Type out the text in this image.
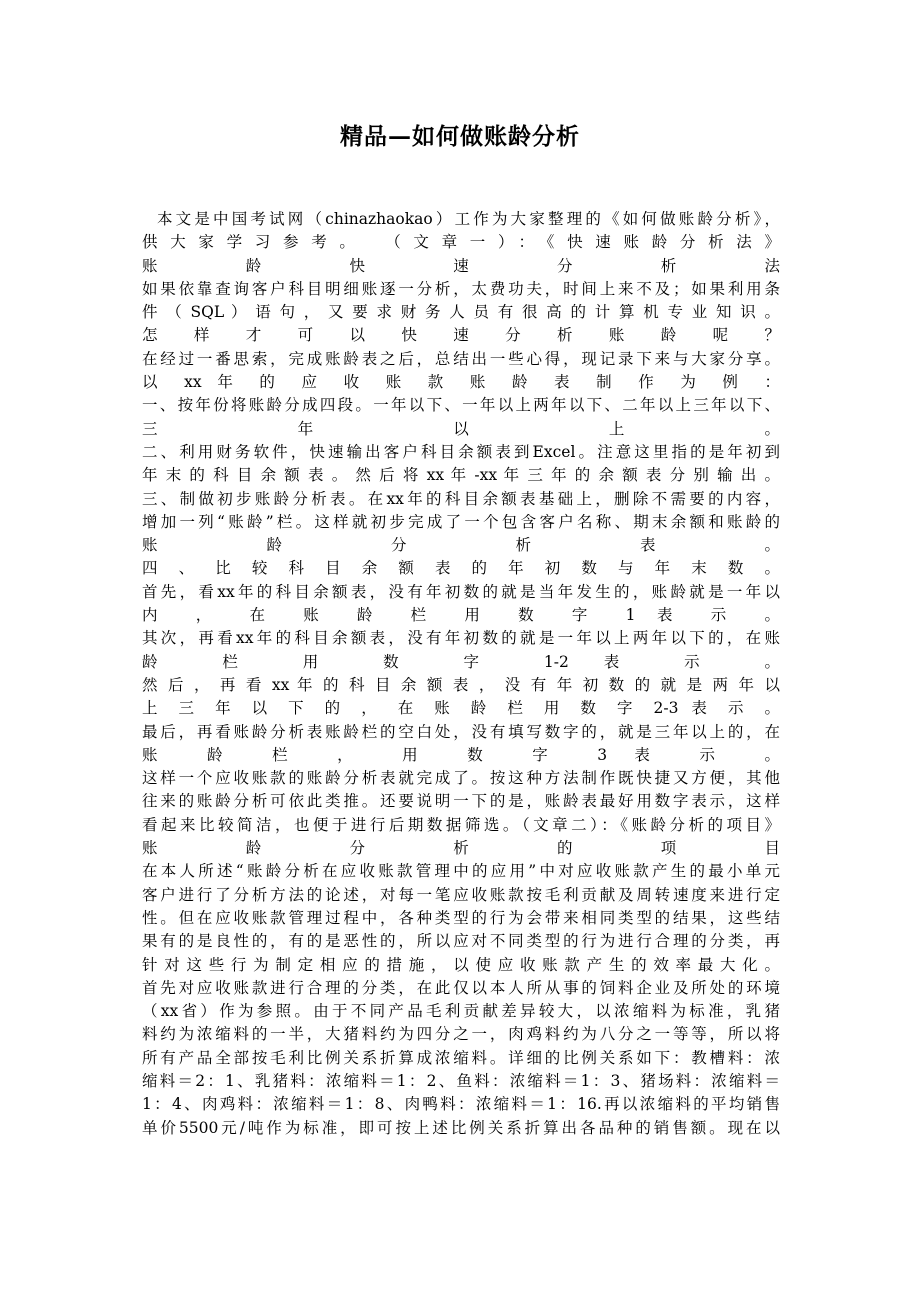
精品—如何做账龄分析
本文是中国考试网（chinazhaokao）工作为大家整理的《如何做账龄分析》，
供大家学习参考。 （文章一）：《快速账龄分析法》
账 龄 快 速 分 析 法
如果依靠查询客户科目明细账逐一分析，太费功夫，时间上来不及；如果利用条
件 （ SQL ） 语 句 ， 又 要 求 财 务 人 员 有 很 高 的 计 算 机 专 业 知 识 。
怎 样 才 可 以 快 速 分 析 账 龄 呢 ？
在经过一番思索，完成账龄表之后，总结出一些心得，现记录下来与大家分享。
以 xx 年 的 应 收 账 款 账 龄 表 制 作 为 例 ：
一、按年份将账龄分成四段。一年以下、一年以上两年以下、二年以上三年以下、
三 年 以 上 。
二、利用财务软件，快速输出客户科目余额表到Excel。注意这里指的是年初到
年 末 的 科 目 余 额 表 。 然 后 将 xx 年 -xx 年 三 年 的 余 额 表 分 别 输 出 。
三、制做初步账龄分析表。在xx年的科目余额表基础上，删除不需要的内容，
增加一列“账龄”栏。这样就初步完成了一个包含客户名称、期末余额和账龄的
账 龄 分 析 表 。
四 、 比 较 科 目 余 额 表 的 年 初 数 与 年 末 数 。
首先，看xx年的科目余额表，没有年初数的就是当年发生的，账龄就是一年以
内 ， 在 账 龄 栏 用 数 字 1 表 示 。
其次，再看xx年的科目余额表，没有年初数的就是一年以上两年以下的，在账
龄 栏 用 数 字 1-2 表 示 。
然 后 ， 再 看 xx 年 的 科 目 余 额 表 ， 没 有 年 初 数 的 就 是 两 年 以
上 三 年 以 下 的 ， 在 账 龄 栏 用 数 字 2-3 表 示 。
最后，再看账龄分析表账龄栏的空白处，没有填写数字的，就是三年以上的，在
账 龄 栏 ， 用 数 字 3 表 示 。
这样一个应收账款的账龄分析表就完成了。按这种方法制作既快捷又方便，其他
往来的账龄分析可依此类推。还要说明一下的是，账龄表最好用数字表示，这样
看起来比较简洁，也便于进行后期数据筛选。（文章二）：《账龄分析的项目》
账 龄 分 析 的 项 目
在本人所述“账龄分析在应收账款管理中的应用”中对应收账款产生的最小单元
客户进行了分析方法的论述，对每一笔应收账款按毛利贡献及周转速度来进行定
性。但在应收账款管理过程中，各种类型的行为会带来相同类型的结果，这些结
果有的是良性的，有的是恶性的，所以应对不同类型的行为进行合理的分类，再
针 对 这 些 行 为 制 定 相 应 的 措 施 ， 以 使 应 收 账 款 产 生 的 效 率 最 大 化 。
首先对应收账款进行合理的分类，在此仅以本人所从事的饲料企业及所处的环境
（xx省）作为参照。由于不同产品毛利贡献差异较大，以浓缩料为标准，乳猪
料约为浓缩料的一半，大猪料约为四分之一，肉鸡料约为八分之一等等，所以将
所有产品全部按毛利比例关系折算成浓缩料。详细的比例关系如下：教槽料：浓
缩料＝2：1、乳猪料：浓缩料＝1：2、鱼料：浓缩料＝1：3、猪场料：浓缩料＝
1：4、肉鸡料：浓缩料＝1：8、肉鸭料：浓缩料＝1：16.再以浓缩料的平均销售
单价5500元/吨作为标准，即可按上述比例关系折算出各品种的销售额。现在以
